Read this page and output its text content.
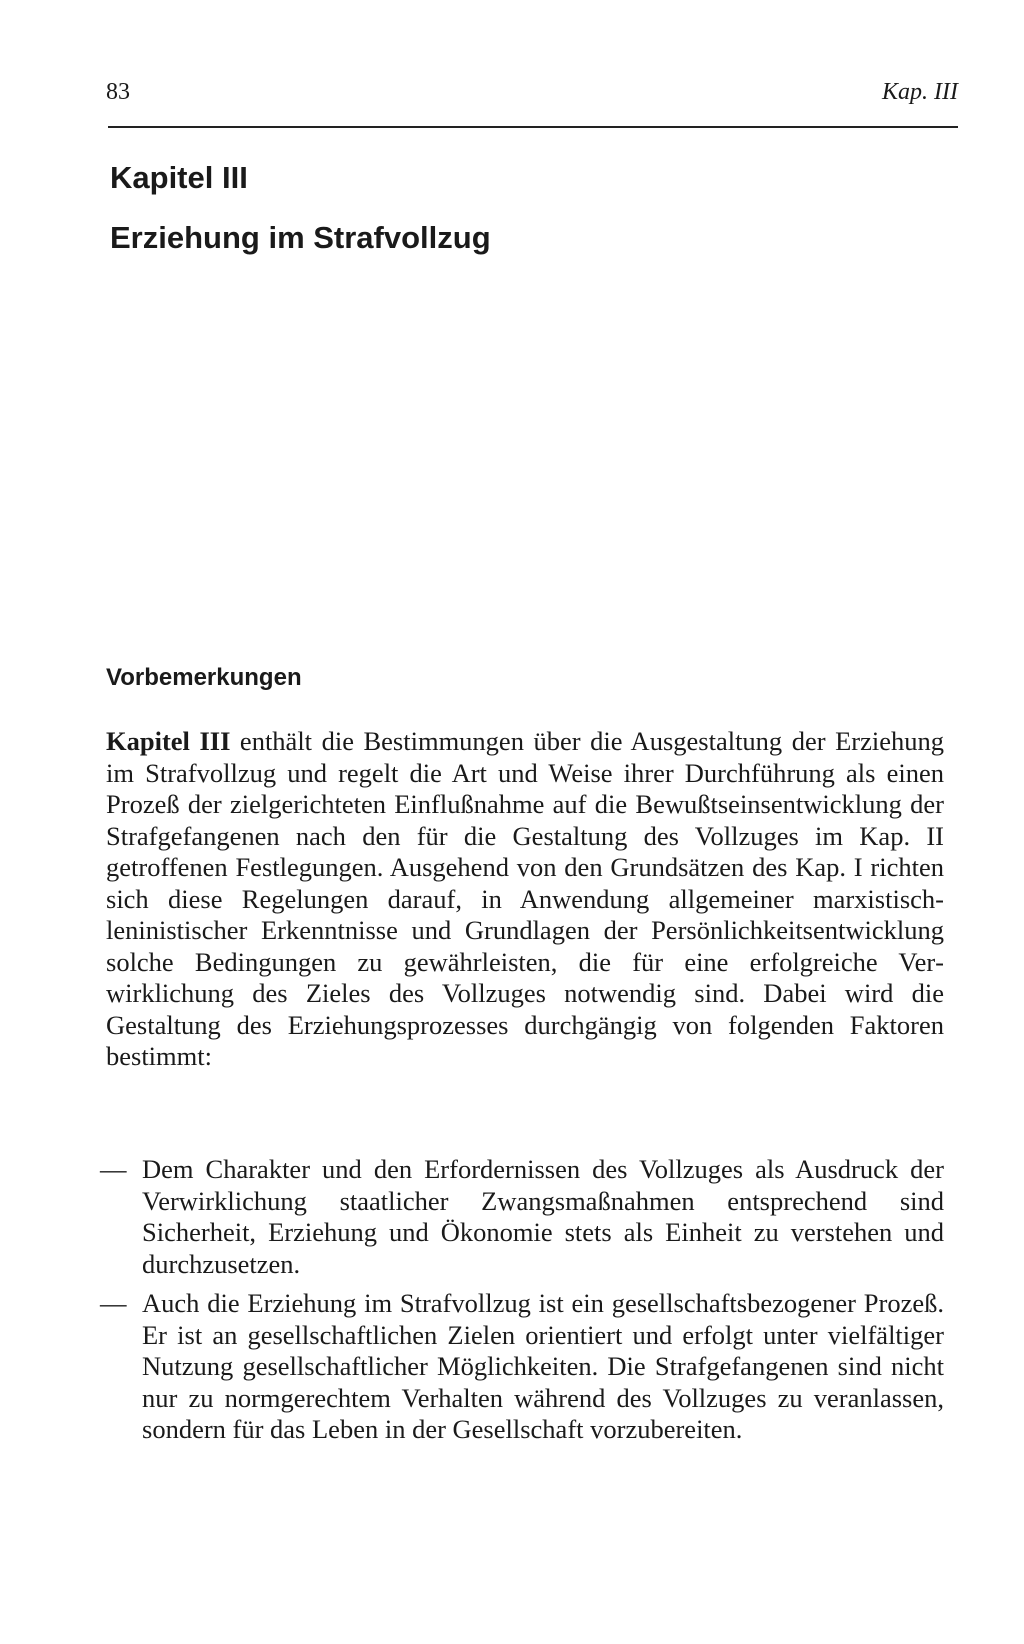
83	Kap. III
Kapitel III
Erziehung im Strafvollzug
Vorbemerkungen

Kapitel III enthält die Bestimmungen über die Ausgestaltung der Erziehung im Strafvollzug und regelt die Art und Weise ihrer Durchführung als einen Prozeß der zielgerichteten Einflußnahme auf die Bewußtseinsentwicklung der Strafgefangenen nach den für die Gestaltung des Vollzuges im Kap. II getroffenen Festlegungen. Ausgehend von den Grundsätzen des Kap. I richten sich diese Regelungen darauf, in Anwendung allgemeiner marxistisch-leninistischer Erkenntnisse und Grundlagen der Persönlichkeitsentwicklung solche Bedingungen zu gewährleisten, die für eine erfolgreiche Verwirklichung des Zieles des Vollzuges notwendig sind. Dabei wird die Gestaltung des Erziehungsprozesses durchgängig von folgenden Faktoren bestimmt:

— Dem Charakter und den Erfordernissen des Vollzuges als Ausdruck der Verwirklichung staatlicher Zwangsmaßnahmen entsprechend sind Sicherheit, Erziehung und Ökonomie stets als Einheit zu verstehen und durchzusetzen.
— Auch die Erziehung im Strafvollzug ist ein gesellschaftsbezogener Prozeß. Er ist an gesellschaftlichen Zielen orientiert und erfolgt unter vielfältiger Nutzung gesellschaftlicher Möglichkeiten. Die Strafgefangenen sind nicht nur zu normgerechtem Verhalten während des Vollzuges zu veranlassen, sondern für das Leben in der Gesellschaft vorzubereiten.
